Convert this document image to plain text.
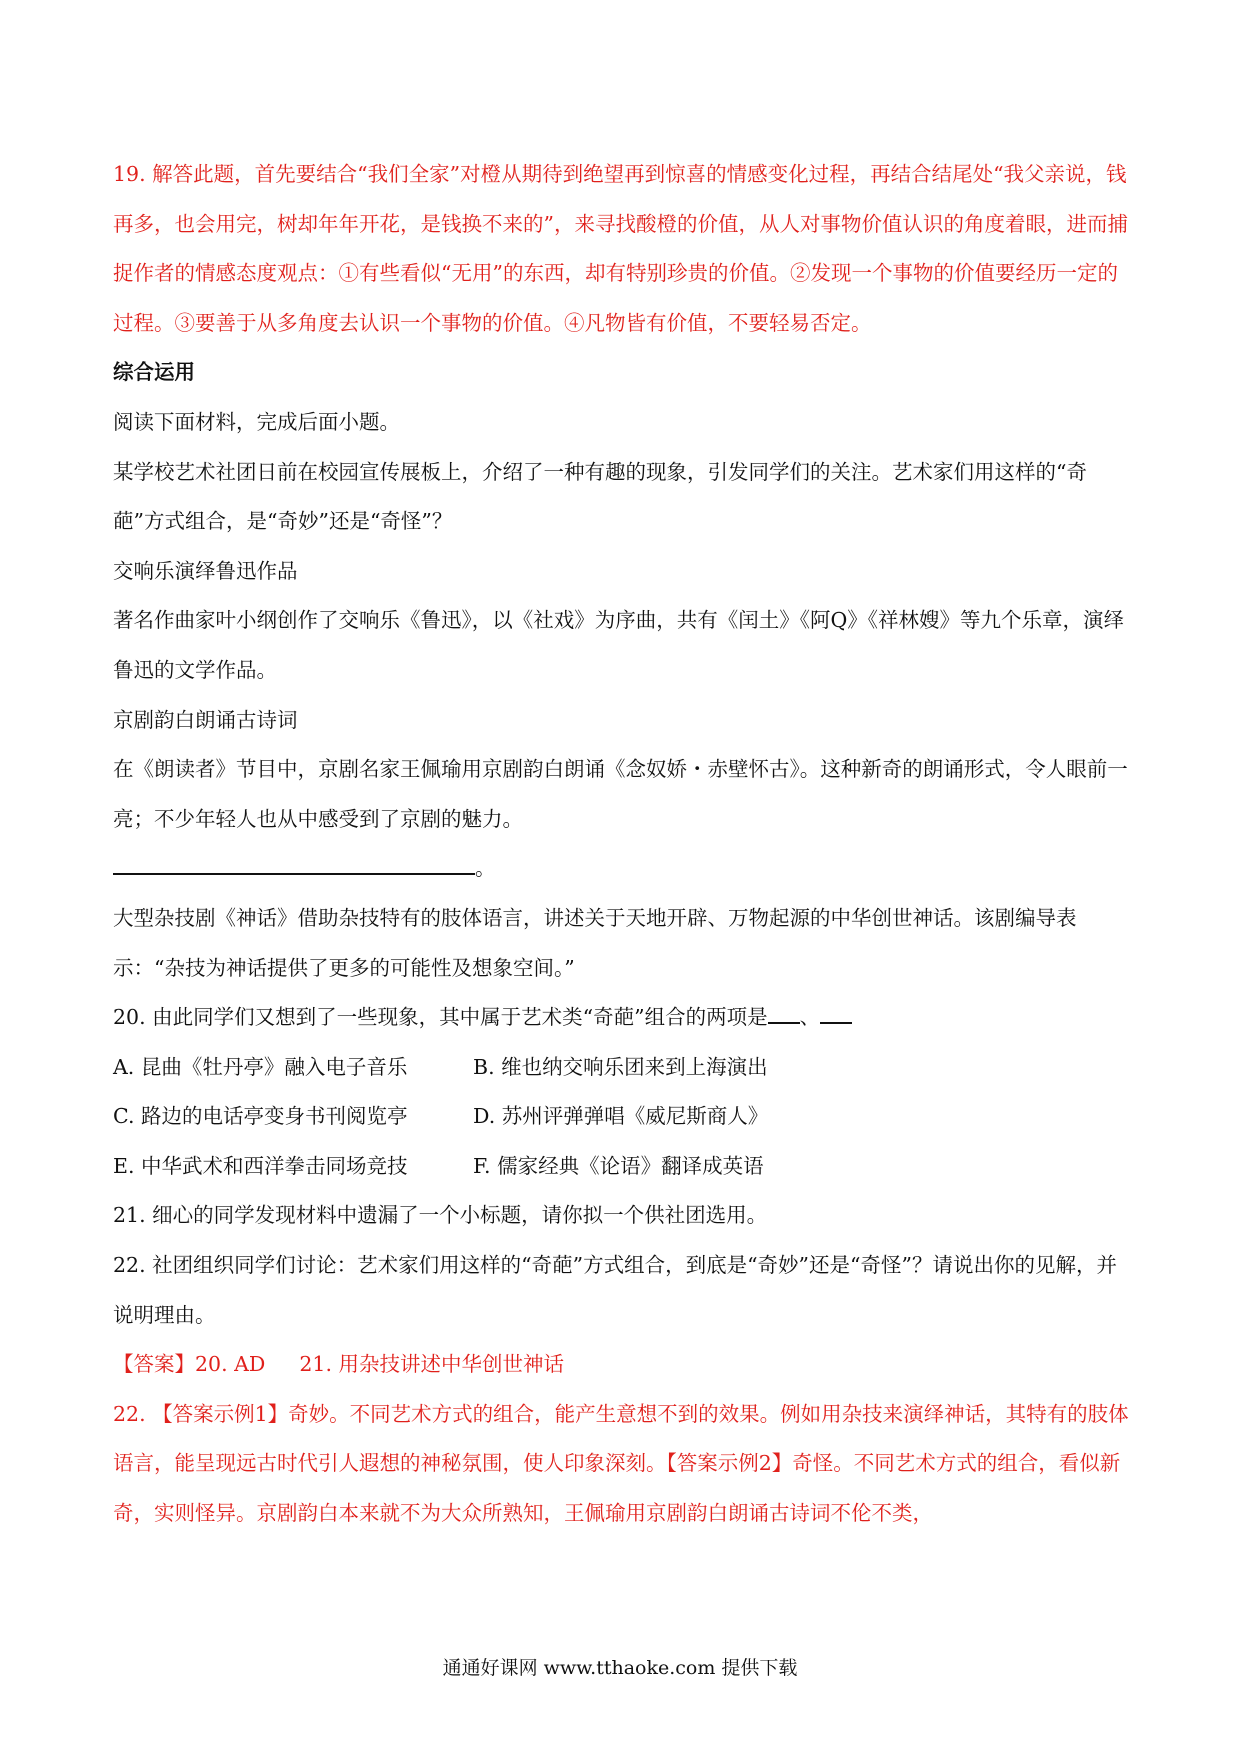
19. 解答此题，首先要结合“我们全家”对橙从期待到绝望再到惊喜的情感变化过程，再结合结尾处“我父亲说，钱再多，也会用完，树却年年开花，是钱换不来的”，来寻找酸橙的价值，从人对事物价值认识的角度着眼，进而捕捉作者的情感态度观点：①有些看似“无用”的东西，却有特别珍贵的价值。②发现一个事物的价值要经历一定的过程。③要善于从多角度去认识一个事物的价值。④凡物皆有价值，不要轻易否定。

综合运用

阅读下面材料，完成后面小题。

某学校艺术社团日前在校园宣传展板上，介绍了一种有趣的现象，引发同学们的关注。艺术家们用这样的“奇葩”方式组合，是“奇妙”还是“奇怪”？

交响乐演绎鲁迅作品

著名作曲家叶小纲创作了交响乐《鲁迅》，以《社戏》为序曲，共有《闰土》《阿Q》《祥林嫂》等九个乐章，演绎鲁迅的文学作品。

京剧韵白朗诵古诗词

在《朗读者》节目中，京剧名家王佩瑜用京剧韵白朗诵《念奴娇・赤壁怀古》。这种新奇的朗诵形式，令人眼前一亮；不少年轻人也从中感受到了京剧的魅力。

。

大型杂技剧《神话》借助杂技特有的肢体语言，讲述关于天地开辟、万物起源的中华创世神话。该剧编导表示：“杂技为神话提供了更多的可能性及想象空间。”

20. 由此同学们又想到了一些现象，其中属于艺术类“奇葩”组合的两项是 、

A. 昆曲《牡丹亭》融入电子音乐	B. 维也纳交响乐团来到上海演出
C. 路边的电话亭变身书刊阅览亭	D. 苏州评弹弹唱《威尼斯商人》
E. 中华武术和西洋拳击同场竞技	F. 儒家经典《论语》翻译成英语

21. 细心的同学发现材料中遗漏了一个小标题，请你拟一个供社团选用。

22. 社团组织同学们讨论：艺术家们用这样的“奇葩”方式组合，到底是“奇妙”还是“奇怪”？请说出你的见解，并说明理由。

【答案】20. AD 21. 用杂技讲述中华创世神话

22. 【答案示例1】奇妙。不同艺术方式的组合，能产生意想不到的效果。例如用杂技来演绎神话，其特有的肢体语言，能呈现远古时代引人遐想的神秘氛围，使人印象深刻。【答案示例2】奇怪。不同艺术方式的组合，看似新奇，实则怪异。京剧韵白本来就不为大众所熟知，王佩瑜用京剧韵白朗诵古诗词不伦不类，

通通好课网 www.tthaoke.com 提供下载
